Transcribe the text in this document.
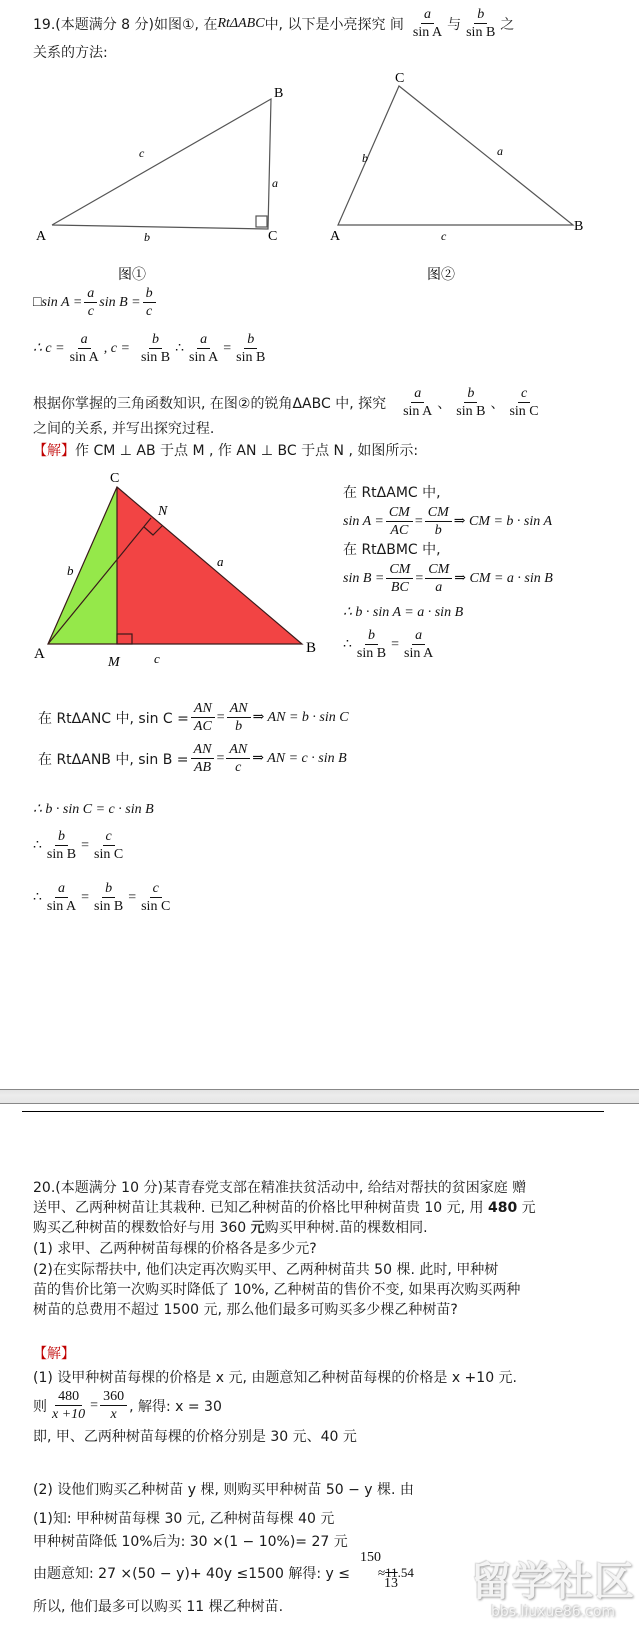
19.(本题满分 8 分)如图①, 在 RtΔABC 中, 以下是小亮探究 间 $\frac{a}{\text{sin A}}$ 与 $\frac{b}{\text{sin B}}$ 之
关系的方法:
A
B
C
c
a
b
图①
A
B
C
b	a
c
图②
□sin $A = \frac{a}{c}$ $\sin B = \frac{b}{c}$
∴ $c = \frac{a}{\text{sin A}}$ , $c = \frac{b}{\text{sin B}}$ ∴ $\frac{a}{\text{sin A}} = \frac{b}{\text{sin B}}$
根据你掌握的三角函数知识, 在图②的锐角ΔABC 中, 探究 $\frac{a}{\text{sin A}}$ 、 $\frac{b}{\text{sin B}}$ 、 $\frac{c}{\text{sin C}}$
之间的关系, 并写出探究过程.
【解】 作 CM ⊥ AB 于点 M , 作 AN ⊥ BC 于点 N , 如图所示:
C
A	B
M
N
a
b
c
在 RtΔAMC 中,
$\sin A = \frac{CM}{AC} = \frac{CM}{b}$ ⇒ CM = b · sin A
在 RtΔBMC 中,
$\sin B = \frac{CM}{BC} = \frac{CM}{a}$ ⇒ CM = a · sin B
∴ b · sin A = a · sin B
∴ $\frac{b}{\text{sin B}} = \frac{a}{\text{sin A}}$
在 RtΔANC 中, $\sin C = \frac{AN}{AC} = \frac{AN}{b}$ ⇒ AN = b · sin C
在 RtΔANB 中, $\sin B = \frac{AN}{AB} = \frac{AN}{c}$ ⇒ AN = c · sin B
∴ b · sin C = c · sin B
∴ $\frac{b}{\text{sin B}} = \frac{c}{\text{sin C}}$
∴ $\frac{a}{\text{sin A}} = \frac{b}{\text{sin B}} = \frac{c}{\text{sin C}}$
20.(本题满分 10 分)某青春党支部在精准扶贫活动中, 给结对帮扶的贫困家庭 赠
送甲、乙两种树苗让其栽种. 已知乙种树苗的价格比甲种树苗贵 10 元, 用 480 元
购买乙种树苗的棵数恰好与用 360 元购买甲种树.苗的棵数相同.
(1) 求甲、乙两种树苗每棵的价格各是多少元?
(2)在实际帮扶中, 他们决定再次购买甲、乙两种树苗共 50 棵. 此时, 甲种树
苗的售价比第一次购买时降低了 10%, 乙种树苗的售价不变, 如果再次购买两种
树苗的总费用不超过 1500 元, 那么他们最多可购买多少棵乙种树苗?
【解】
(1) 设甲种树苗每棵的价格是 x 元, 由题意知乙种树苗每棵的价格是 x +10 元.
则 $\frac{480}{x +10} = \frac{360}{x}$ , 解得: x = 30
即, 甲、乙两种树苗每棵的价格分别是 30 元、40 元
(2) 设他们购买乙种树苗 y 棵, 则购买甲种树苗 50 − y 棵. 由
(1)知: 甲种树苗每棵 30 元, 乙种树苗每棵 40 元
甲种树苗降低 10%后为: 30 ×(1 − 10%)= 27 元
由题意知: 27 ×(50 − y)+ 40y ≤1500 解得: y ≤
150
≈11.54
13
所以, 他们最多可以购买 11 棵乙种树苗.
留学社区
bbs.liuxue86.com
